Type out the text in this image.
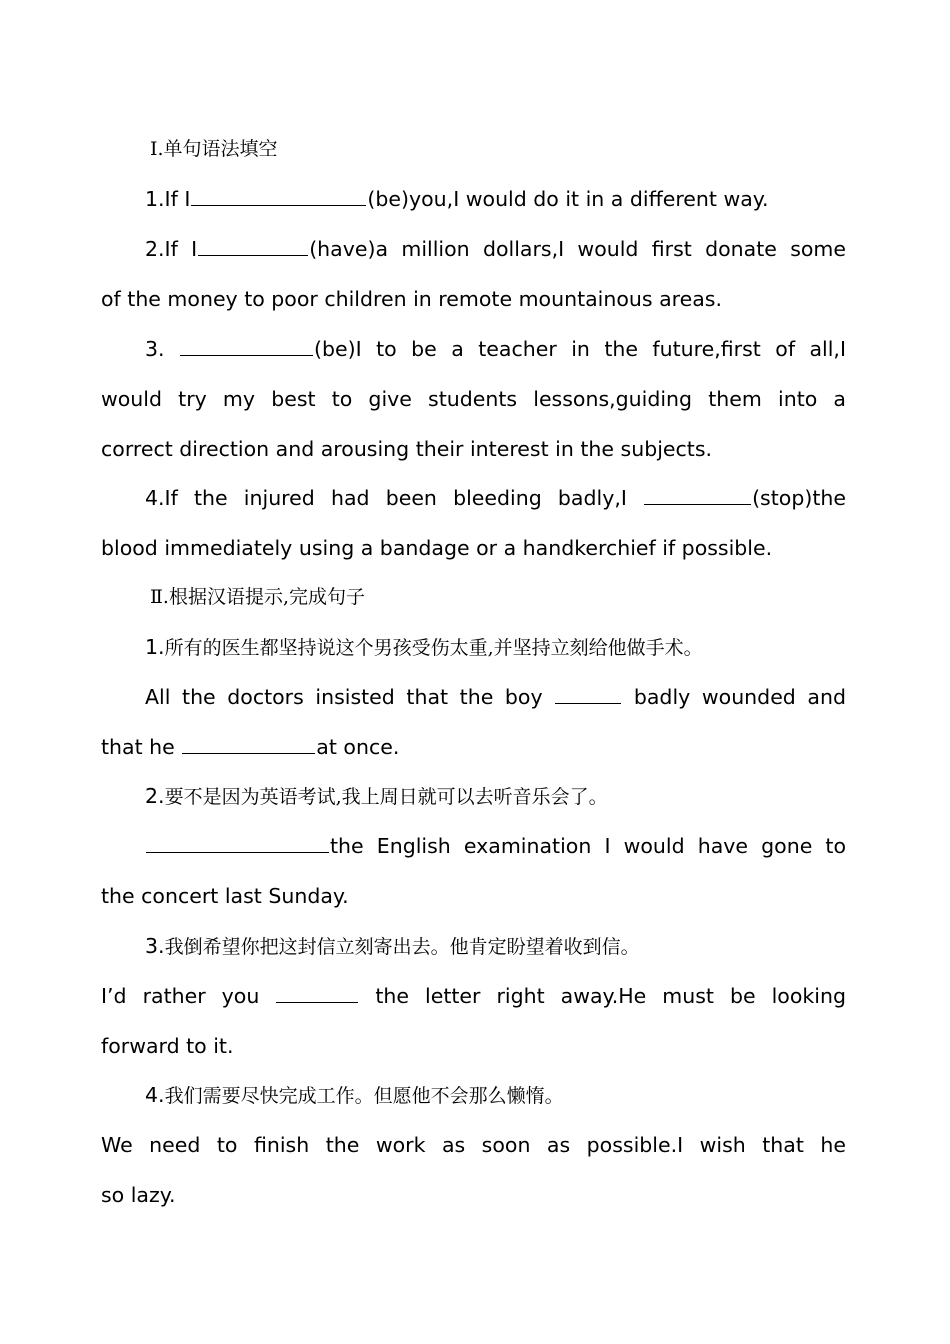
Ⅰ.单句语法填空
1.If I	(be)you,I would do it in a different way.
2.If I	(have)a million dollars,I would first donate some
of the money to poor children in remote mountainous areas.
3.	(be)I to be a teacher in the future,first of all,I
would try my best to give students lessons,guiding them into a
correct direction and arousing their interest in the subjects.
4.If the injured had been bleeding badly,I	(stop)the
blood immediately using a bandage or a handkerchief if possible.
Ⅱ.根据汉语提示,完成句子
1.所有的医生都坚持说这个男孩受伤太重,并坚持立刻给他做手术。
All the doctors insisted that the boy	badly wounded and
that he	at once.
2.要不是因为英语考试,我上周日就可以去听音乐会了。
the English examination I would have gone to
the concert last Sunday.
3.我倒希望你把这封信立刻寄出去。他肯定盼望着收到信。
I’d rather you	the letter right away.He must be looking
forward to it.
4.我们需要尽快完成工作。但愿他不会那么懒惰。
We need to finish the work as soon as possible.I wish that he
so lazy.
